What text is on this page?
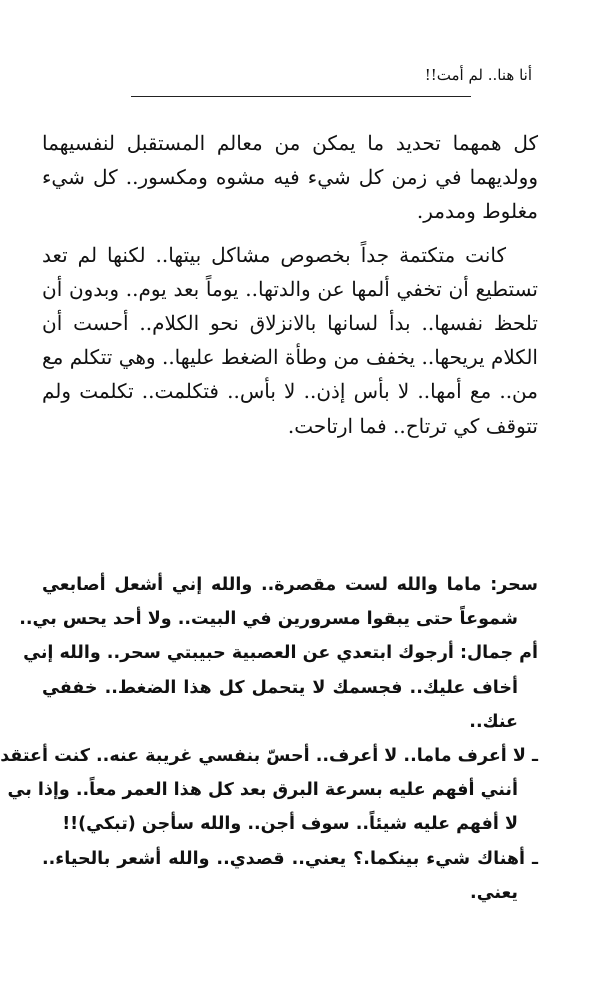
أنا هنا.. لم أمت!!

كل همهما تحديد ما يمكن من معالم المستقبل لنفسيهما وولديهما في زمن كل شيء فيه مشوه ومكسور.. كل شيء مغلوط ومدمر.

كانت متكتمة جداً بخصوص مشاكل بيتها.. لكنها لم تعد تستطيع أن تخفي ألمها عن والدتها.. يوماً بعد يوم.. وبدون أن تلحظ نفسها.. بدأ لسانها بالانزلاق نحو الكلام.. أحست أن الكلام يريحها.. يخفف من وطأة الضغط عليها.. وهي تتكلم مع من.. مع أمها.. لا بأس إذن.. لا بأس.. فتكلمت.. تكلمت ولم تتوقف كي ترتاح.. فما ارتاحت.

سحر: ماما والله لست مقصرة.. والله إني أشعل أصابعي
شموعاً حتى يبقوا مسرورين في البيت.. ولا أحد يحس بي..
أم جمال: أرجوك ابتعدي عن العصبية حبيبتي سحر.. والله إني
أخاف عليك.. فجسمك لا يتحمل كل هذا الضغط.. خففي
عنك..
ـ لا أعرف ماما.. لا أعرف.. أحسّ بنفسي غريبة عنه.. كنت أعتقد
أنني أفهم عليه بسرعة البرق بعد كل هذا العمر معاً.. وإذا بي
لا أفهم عليه شيئاً.. سوف أجن.. والله سأجن (تبكي)!!
ـ أهناك شيء بينكما.؟ يعني.. قصدي.. والله أشعر بالحياء..
يعني.
